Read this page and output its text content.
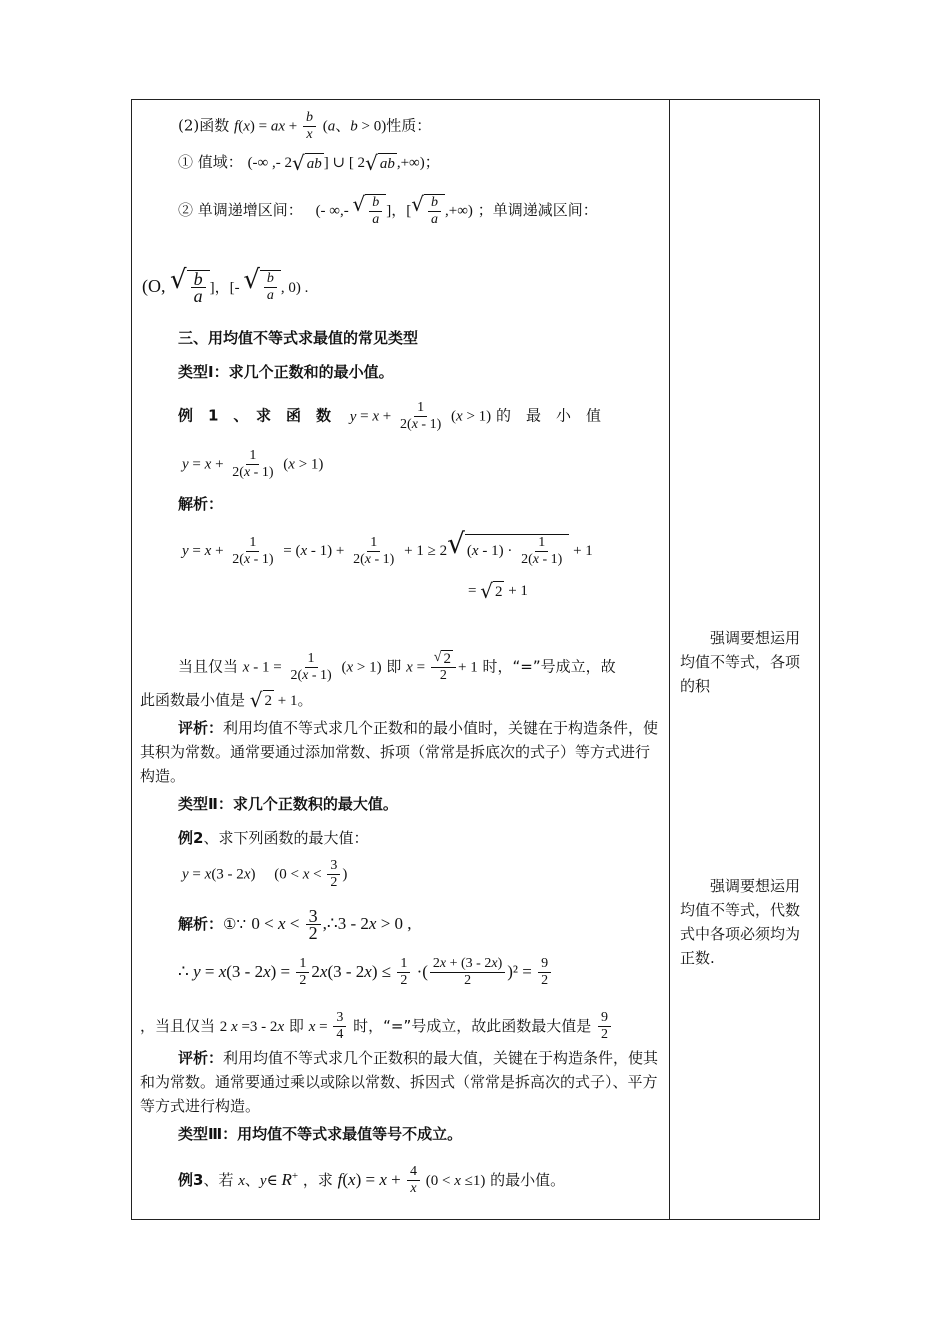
(2)函数 f(x) = ax + $\frac{b}{x} (a$、b > 0)性质：
① 值域： (-∞ ,- 2 √ ab ] ∪ [ 2 √ ab ,+∞)；
② 单调递增区间： (- ∞,- √ $\frac{b}{a}$ ]，[ √ $\frac{b}{a}$ ,+∞) ；单调递减区间：
(O, √ $\frac{b}{a}$ ]，[- √ $\frac{b}{a}$ , 0) .
三、用均值不等式求最值的常见类型
类型Ⅰ：求几个正数和的最小值。
例　1　、　求　函　数 $y = x + \frac{1}{2(x - 1)} (x > 1)$ 的　最　小　值
$y = x + \frac{1}{2(x - 1)} (x > 1)$
解析：
$y = x + \frac{1}{2(x - 1)} = (x - 1) + \frac{1}{2(x - 1)} + 1 \ge 2$ √ $(x - 1) \cdot \frac{1}{2(x - 1)} + 1$
= √ 2 + 1
当且仅当 $x - 1 = \frac{1}{2(x - 1)} (x > 1)$ 即 $x = \frac{√ 2}{2} + 1$ 时，“=”号成立，故
此函数最小值是 √ 2 + 1。
评析：利用均值不等式求几个正数和的最小值时，关键在于构造条件，使其积为常数。通常要通过添加常数、拆项（常常是拆底次的式子）等方式进行构造。
类型Ⅱ：求几个正数积的最大值。
例2、求下列函数的最大值：
y = x(3 - 2x)　 ($0 < x < \frac{3}{2}$ )
解析：①∵ $0 < x < \frac{3}{2}$ ,∴3 - 2x > 0 ,
∴ $y = x(3 - 2x) = \frac{1}{2} 2x(3 - 2x) \le \frac{1}{2}$ ·( $\frac{2x + (3 - 2x)}{2} )^2 = \frac{9}{2}$
，当且仅当 2 x =3 - 2x 即 $x = \frac{3}{4}$ 时，“=”号成立，故此函数最大值是 $\frac{9}{2}$
评析：利用均值不等式求几个正数积的最大值，关键在于构造条件，使其和为常数。通常要通过乘以或除以常数、拆因式（常常是拆高次的式子）、平方等方式进行构造。
类型Ⅲ：用均值不等式求最值等号不成立。
例3、若 x、y∈ R+ ，求 $f(x) = x + \frac{4}{x} (0 < x \le 1)$ 的最小值。
强调要想运用均值不等式，各项的积
强调要想运用均值不等式，代数式中各项必须均为正数.
